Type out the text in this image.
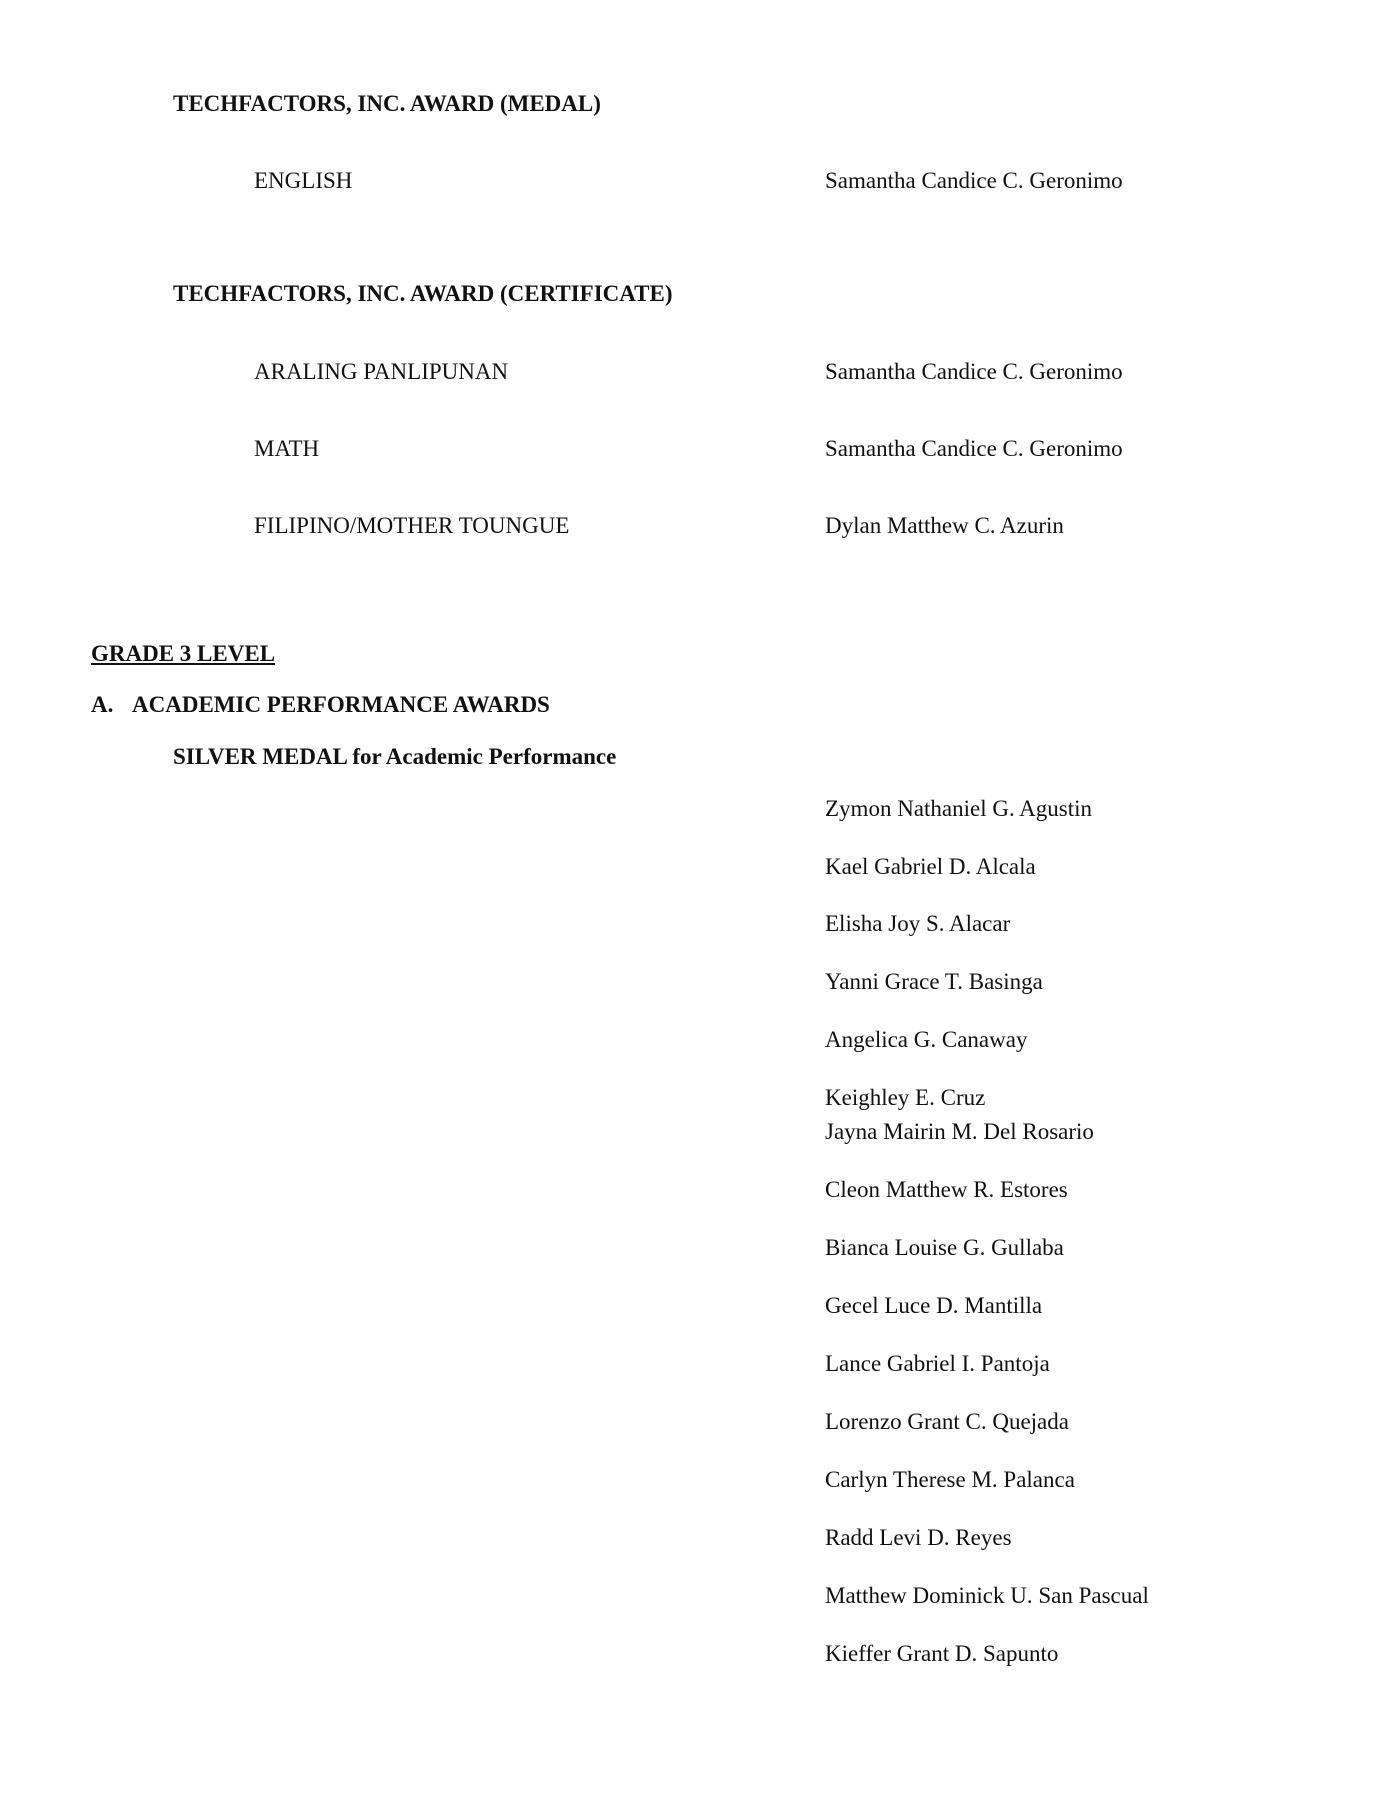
TECHFACTORS, INC. AWARD (MEDAL)
ENGLISH	Samantha Candice C. Geronimo
TECHFACTORS, INC. AWARD (CERTIFICATE)
ARALING PANLIPUNAN	Samantha Candice C. Geronimo
MATH	Samantha Candice C. Geronimo
FILIPINO/MOTHER TOUNGUE	Dylan Matthew C. Azurin
GRADE 3 LEVEL
A. ACADEMIC PERFORMANCE AWARDS
SILVER MEDAL for Academic Performance
Zymon Nathaniel G. Agustin
Kael Gabriel D. Alcala
Elisha Joy S. Alacar
Yanni Grace T. Basinga
Angelica G. Canaway
Keighley E. Cruz
Jayna Mairin M. Del Rosario
Cleon Matthew R. Estores
Bianca Louise G. Gullaba
Gecel Luce D. Mantilla
Lance Gabriel I. Pantoja
Lorenzo Grant C. Quejada
Carlyn Therese M. Palanca
Radd Levi D. Reyes
Matthew Dominick U. San Pascual
Kieffer Grant D. Sapunto
